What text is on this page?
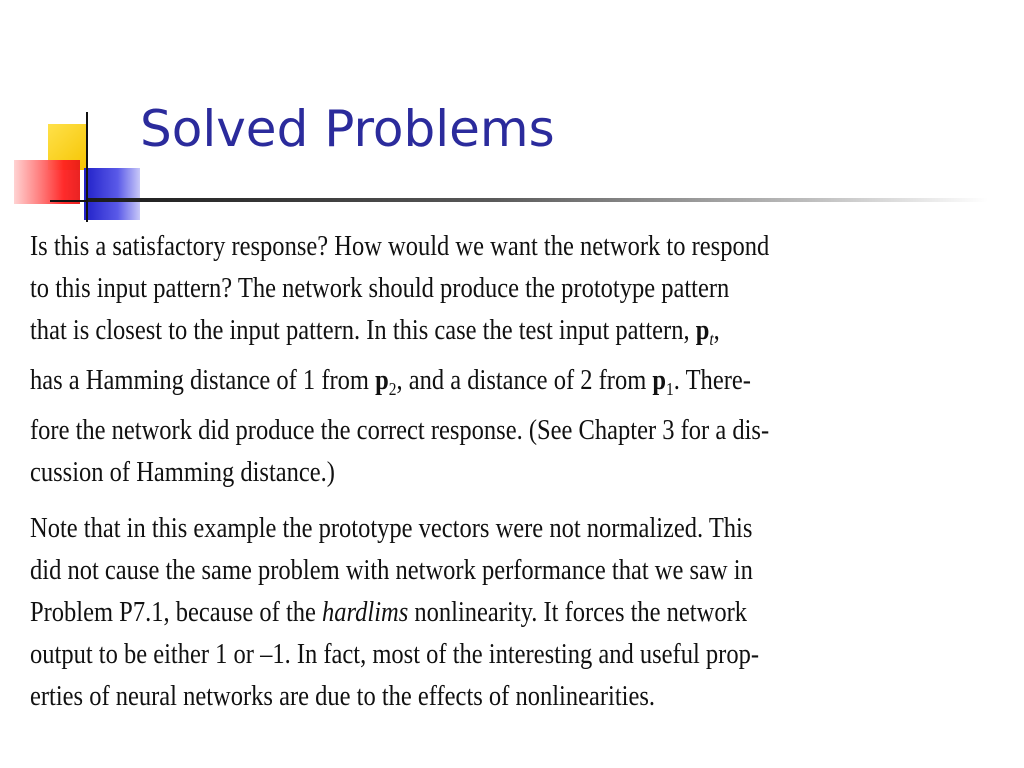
Solved Problems
Is this a satisfactory response? How would we want the network to respond
to this input pattern? The network should produce the prototype pattern
that is closest to the input pattern. In this case the test input pattern, $p_t$,
has a Hamming distance of 1 from $p_2$, and a distance of 2 from $p_1$. There-
fore the network did produce the correct response. (See Chapter 3 for a dis-
cussion of Hamming distance.)
Note that in this example the prototype vectors were not normalized. This
did not cause the same problem with network performance that we saw in
Problem P7.1, because of the hardlims nonlinearity. It forces the network
output to be either 1 or –1. In fact, most of the interesting and useful prop-
erties of neural networks are due to the effects of nonlinearities.
